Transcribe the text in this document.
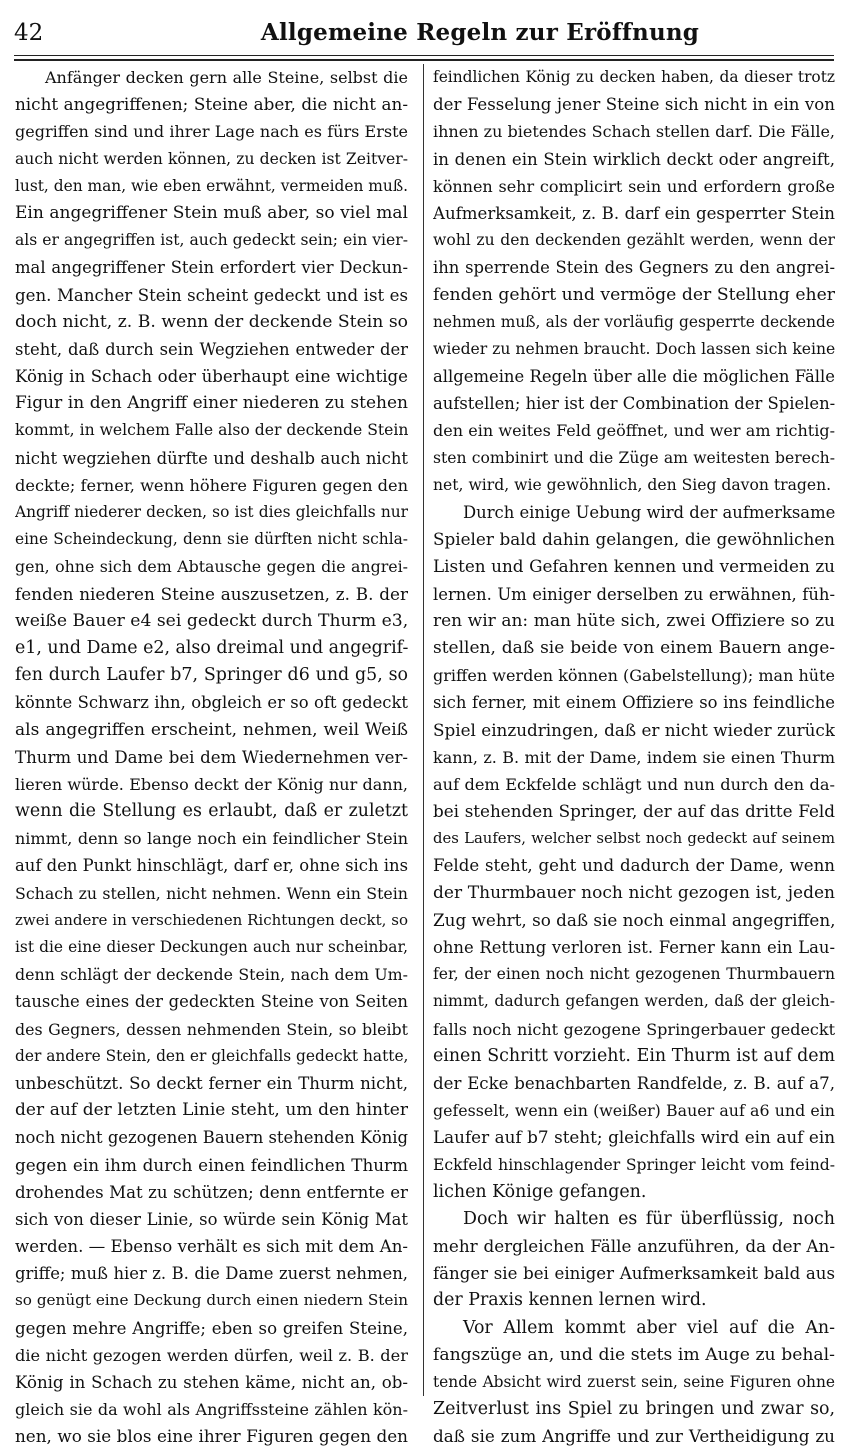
42	Allgemeine Regeln zur Eröffnung
Anfänger decken gern alle Steine, selbst die
nicht angegriffenen; Steine aber, die nicht an-
gegriffen sind und ihrer Lage nach es fürs Erste
auch nicht werden können, zu decken ist Zeitver-
lust, den man, wie eben erwähnt, vermeiden muß.
Ein angegriffener Stein muß aber, so viel mal
als er angegriffen ist, auch gedeckt sein; ein vier-
mal angegriffener Stein erfordert vier Deckun-
gen. Mancher Stein scheint gedeckt und ist es
doch nicht, z. B. wenn der deckende Stein so
steht, daß durch sein Wegziehen entweder der
König in Schach oder überhaupt eine wichtige
Figur in den Angriff einer niederen zu stehen
kommt, in welchem Falle also der deckende Stein
nicht wegziehen dürfte und deshalb auch nicht
deckte; ferner, wenn höhere Figuren gegen den
Angriff niederer decken, so ist dies gleichfalls nur
eine Scheindeckung, denn sie dürften nicht schla-
gen, ohne sich dem Abtausche gegen die angrei-
fenden niederen Steine auszusetzen, z. B. der
weiße Bauer e4 sei gedeckt durch Thurm e3,
e1, und Dame e2, also dreimal und angegrif-
fen durch Laufer b7, Springer d6 und g5, so
könnte Schwarz ihn, obgleich er so oft gedeckt
als angegriffen erscheint, nehmen, weil Weiß
Thurm und Dame bei dem Wiedernehmen ver-
lieren würde. Ebenso deckt der König nur dann,
wenn die Stellung es erlaubt, daß er zuletzt
nimmt, denn so lange noch ein feindlicher Stein
auf den Punkt hinschlägt, darf er, ohne sich ins
Schach zu stellen, nicht nehmen. Wenn ein Stein
zwei andere in verschiedenen Richtungen deckt, so
ist die eine dieser Deckungen auch nur scheinbar,
denn schlägt der deckende Stein, nach dem Um-
tausche eines der gedeckten Steine von Seiten
des Gegners, dessen nehmenden Stein, so bleibt
der andere Stein, den er gleichfalls gedeckt hatte,
unbeschützt. So deckt ferner ein Thurm nicht,
der auf der letzten Linie steht, um den hinter
noch nicht gezogenen Bauern stehenden König
gegen ein ihm durch einen feindlichen Thurm
drohendes Mat zu schützen; denn entfernte er
sich von dieser Linie, so würde sein König Mat
werden. — Ebenso verhält es sich mit dem An-
griffe; muß hier z. B. die Dame zuerst nehmen,
so genügt eine Deckung durch einen niedern Stein
gegen mehre Angriffe; eben so greifen Steine,
die nicht gezogen werden dürfen, weil z. B. der
König in Schach zu stehen käme, nicht an, ob-
gleich sie da wohl als Angriffssteine zählen kön-
nen, wo sie blos eine ihrer Figuren gegen den
feindlichen König zu decken haben, da dieser trotz
der Fesselung jener Steine sich nicht in ein von
ihnen zu bietendes Schach stellen darf. Die Fälle,
in denen ein Stein wirklich deckt oder angreift,
können sehr complicirt sein und erfordern große
Aufmerksamkeit, z. B. darf ein gesperrter Stein
wohl zu den deckenden gezählt werden, wenn der
ihn sperrende Stein des Gegners zu den angrei-
fenden gehört und vermöge der Stellung eher
nehmen muß, als der vorläufig gesperrte deckende
wieder zu nehmen braucht. Doch lassen sich keine
allgemeine Regeln über alle die möglichen Fälle
aufstellen; hier ist der Combination der Spielen-
den ein weites Feld geöffnet, und wer am richtig-
sten combinirt und die Züge am weitesten berech-
net, wird, wie gewöhnlich, den Sieg davon tragen.
Durch einige Uebung wird der aufmerksame
Spieler bald dahin gelangen, die gewöhnlichen
Listen und Gefahren kennen und vermeiden zu
lernen. Um einiger derselben zu erwähnen, füh-
ren wir an: man hüte sich, zwei Offiziere so zu
stellen, daß sie beide von einem Bauern ange-
griffen werden können (Gabelstellung); man hüte
sich ferner, mit einem Offiziere so ins feindliche
Spiel einzudringen, daß er nicht wieder zurück
kann, z. B. mit der Dame, indem sie einen Thurm
auf dem Eckfelde schlägt und nun durch den da-
bei stehenden Springer, der auf das dritte Feld
des Laufers, welcher selbst noch gedeckt auf seinem
Felde steht, geht und dadurch der Dame, wenn
der Thurmbauer noch nicht gezogen ist, jeden
Zug wehrt, so daß sie noch einmal angegriffen,
ohne Rettung verloren ist. Ferner kann ein Lau-
fer, der einen noch nicht gezogenen Thurmbauern
nimmt, dadurch gefangen werden, daß der gleich-
falls noch nicht gezogene Springerbauer gedeckt
einen Schritt vorzieht. Ein Thurm ist auf dem
der Ecke benachbarten Randfelde, z. B. auf a7,
gefesselt, wenn ein (weißer) Bauer auf a6 und ein
Laufer auf b7 steht; gleichfalls wird ein auf ein
Eckfeld hinschlagender Springer leicht vom feind-
lichen Könige gefangen.
Doch wir halten es für überflüssig, noch
mehr dergleichen Fälle anzuführen, da der An-
fänger sie bei einiger Aufmerksamkeit bald aus
der Praxis kennen lernen wird.
Vor Allem kommt aber viel auf die An-
fangszüge an, und die stets im Auge zu behal-
tende Absicht wird zuerst sein, seine Figuren ohne
Zeitverlust ins Spiel zu bringen und zwar so,
daß sie zum Angriffe und zur Vertheidigung zu
